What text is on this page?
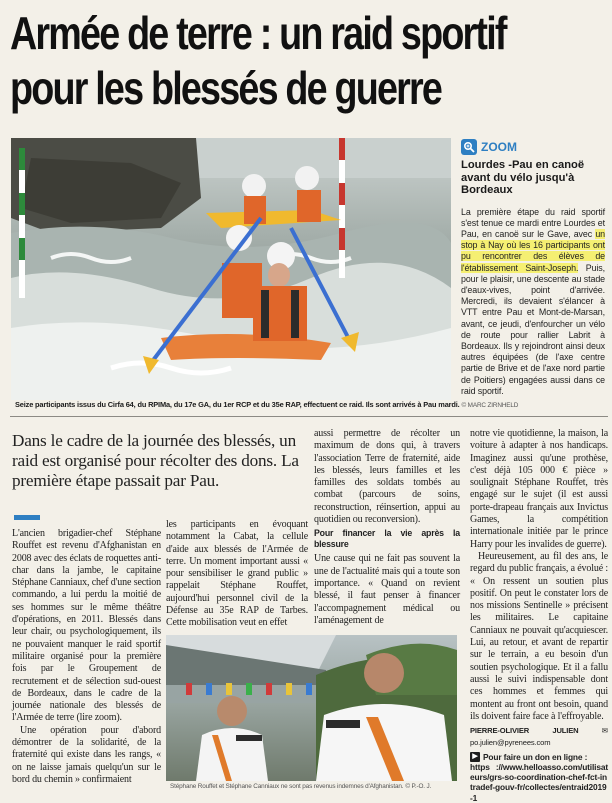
Armée de terre : un raid sportif
pour les blessés de guerre
Seize participants issus du Cirfa 64, du RPIMa, du 17e GA, du 1er RCP et du 35e RAP, effectuent ce raid. Ils sont arrivés à Pau mardi. © MARC ZIRNHELD
ZOOM
Lourdes -Pau en canoë avant du vélo jusqu'à Bordeaux
La première étape du raid sportif s'est tenue ce mardi entre Lourdes et Pau, en canoë sur le Gave, avec un stop à Nay où les 16 participants ont pu rencontrer des élèves de l'établissement Saint-Joseph. Puis, pour le plaisir, une descente au stade d'eaux-vives, point d'arrivée. Mercredi, ils devaient s'élancer à VTT entre Pau et Mont-de-Marsan, avant, ce jeudi, d'enfourcher un vélo de route pour rallier Labrit à Bordeaux. Ils y rejoindront ainsi deux autres équipées (de l'axe centre partie de Brive et de l'axe nord partie de Poitiers) engagées aussi dans ce raid sportif.
Dans le cadre de la journée des blessés, un raid est organisé pour récolter des dons. La première étape passait par Pau.

L'ancien brigadier-chef Stéphane Rouffet est revenu d'Afghanistan en 2008 avec des éclats de roquettes anti-char dans la jambe, le capitaine Stéphane Canniaux, chef d'une section commando, a lui perdu la moitié de ses hommes sur le même théâtre d'opérations, en 2011. Blessés dans leur chair, ou psychologiquement, ils ne pouvaient manquer le raid sportif militaire organisé pour la première fois par le Groupement de recrutement et de sélection sud-ouest de Bordeaux, dans le cadre de la journée nationale des blessés de l'Armée de terre (lire zoom).

Une opération pour d'abord démontrer de la solidarité, de la fraternité qui existe dans les rangs, « on ne laisse jamais quelqu'un sur le bord du chemin » confirmaient

les participants en évoquant notamment la Cabat, la cellule d'aide aux blessés de l'Armée de terre. Un moment important aussi « pour sensibiliser le grand public » rappelait Stéphane Rouffet, aujourd'hui personnel civil de la Défense au 35e RAP de Tarbes. Cette mobilisation veut en effet

Stéphane Rouffet et Stéphane Canniaux ne sont pas revenus indemnes d'Afghanistan. © P.-O. J.

aussi permettre de récolter un maximum de dons qui, à travers l'association Terre de fraternité, aide les blessés, leurs familles et les familles des soldats tombés au combat (parcours de soins, reconstruction, réinsertion, appui au quotidien ou reconversion).

Pour financer la vie après la blessure

Une cause qui ne fait pas souvent la une de l'actualité mais qui a toute son importance. « Quand on revient blessé, il faut penser à financer l'accompagnement médical ou l'aménagement de

notre vie quotidienne, la maison, la voiture à adapter à nos handicaps. Imaginez aussi qu'une prothèse, c'est déjà 105 000 € pièce » soulignait Stéphane Rouffet, très engagé sur le sujet (il est aussi porte-drapeau français aux Invictus Games, la compétition internationale initiée par le prince Harry pour les invalides de guerre).

Heureusement, au fil des ans, le regard du public français, a évolué : « On ressent un soutien plus positif. On peut le constater lors de nos missions Sentinelle » précisent les militaires. Le capitaine Canniaux ne pouvait qu'acquiescer. Lui, au retour, et avant de repartir sur le terrain, a eu besoin d'un soutien psychologique. Et il a fallu aussi le suivi indispensable dont ces hommes et femmes qui montent au front ont besoin, quand ils doivent faire face à l'effroyable.

PIERRE-OLIVIER JULIEN	✉ po.julien@pyrenees.com
▶ Pour faire un don en ligne :
https ://www.helloasso.com/utilisateurs/grs-so-coordination-chef-fct-intradef-gouv-fr/collectes/entraid2019-1
